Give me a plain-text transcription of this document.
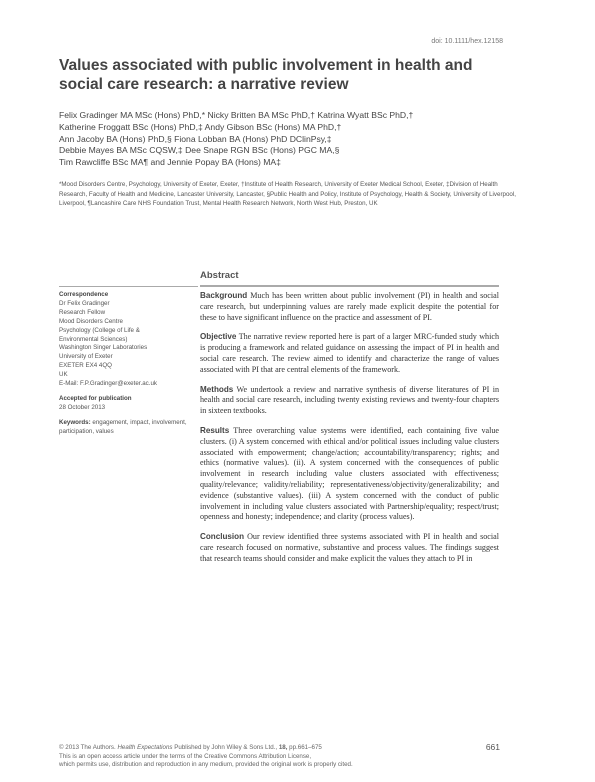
doi: 10.1111/hex.12158
Values associated with public involvement in health and social care research: a narrative review
Felix Gradinger MA MSc (Hons) PhD,* Nicky Britten BA MSc PhD,† Katrina Wyatt BSc PhD,†
Katherine Froggatt BSc (Hons) PhD,‡ Andy Gibson BSc (Hons) MA PhD,†
Ann Jacoby BA (Hons) PhD,§ Fiona Lobban BA (Hons) PhD DClinPsy,‡
Debbie Mayes BA MSc CQSW,‡ Dee Snape RGN BSc (Hons) PGC MA,§
Tim Rawcliffe BSc MA¶ and Jennie Popay BA (Hons) MA‡
*Mood Disorders Centre, Psychology, University of Exeter, Exeter, †Institute of Health Research, University of Exeter Medical School, Exeter, ‡Division of Health Research, Faculty of Health and Medicine, Lancaster University, Lancaster, §Public Health and Policy, Institute of Psychology, Health & Society, University of Liverpool, Liverpool, ¶Lancashire Care NHS Foundation Trust, Mental Health Research Network, North West Hub, Preston, UK
Abstract
Correspondence
Dr Felix Gradinger
Research Fellow
Mood Disorders Centre
Psychology (College of Life &
Environmental Sciences)
Washington Singer Laboratories
University of Exeter
EXETER EX4 4QQ
UK
E-Mail: F.P.Gradinger@exeter.ac.uk
Accepted for publication
28 October 2013
Keywords: engagement, impact, involvement, participation, values

Background Much has been written about public involvement (PI) in health and social care research, but underpinning values are rarely made explicit despite the potential for these to have significant influence on the practice and assessment of PI.

Objective The narrative review reported here is part of a larger MRC-funded study which is producing a framework and related guidance on assessing the impact of PI in health and social care research. The review aimed to identify and characterize the range of values associated with PI that are central elements of the framework.

Methods We undertook a review and narrative synthesis of diverse literatures of PI in health and social care research, including twenty existing reviews and twenty-four chapters in sixteen textbooks.

Results Three overarching value systems were identified, each containing five value clusters. (i) A system concerned with ethical and/or political issues including value clusters associated with empowerment; change/action; accountability/transparency; rights; and ethics (normative values). (ii). A system concerned with the consequences of public involvement in research including value clusters associated with effectiveness; quality/relevance; validity/reliability; representativeness/objectivity/generalizability; and evidence (substantive values). (iii) A system concerned with the conduct of public involvement in including value clusters associated with Partnership/equality; respect/trust; openness and honesty; independence; and clarity (process values).

Conclusion Our review identified three systems associated with PI in health and social care research focused on normative, substantive and process values. The findings suggest that research teams should consider and make explicit the values they attach to PI in

© 2013 The Authors. Health Expectations Published by John Wiley & Sons Ltd., 18, pp.661–675
This is an open access article under the terms of the Creative Commons Attribution License,
which permits use, distribution and reproduction in any medium, provided the original work is properly cited.
661
